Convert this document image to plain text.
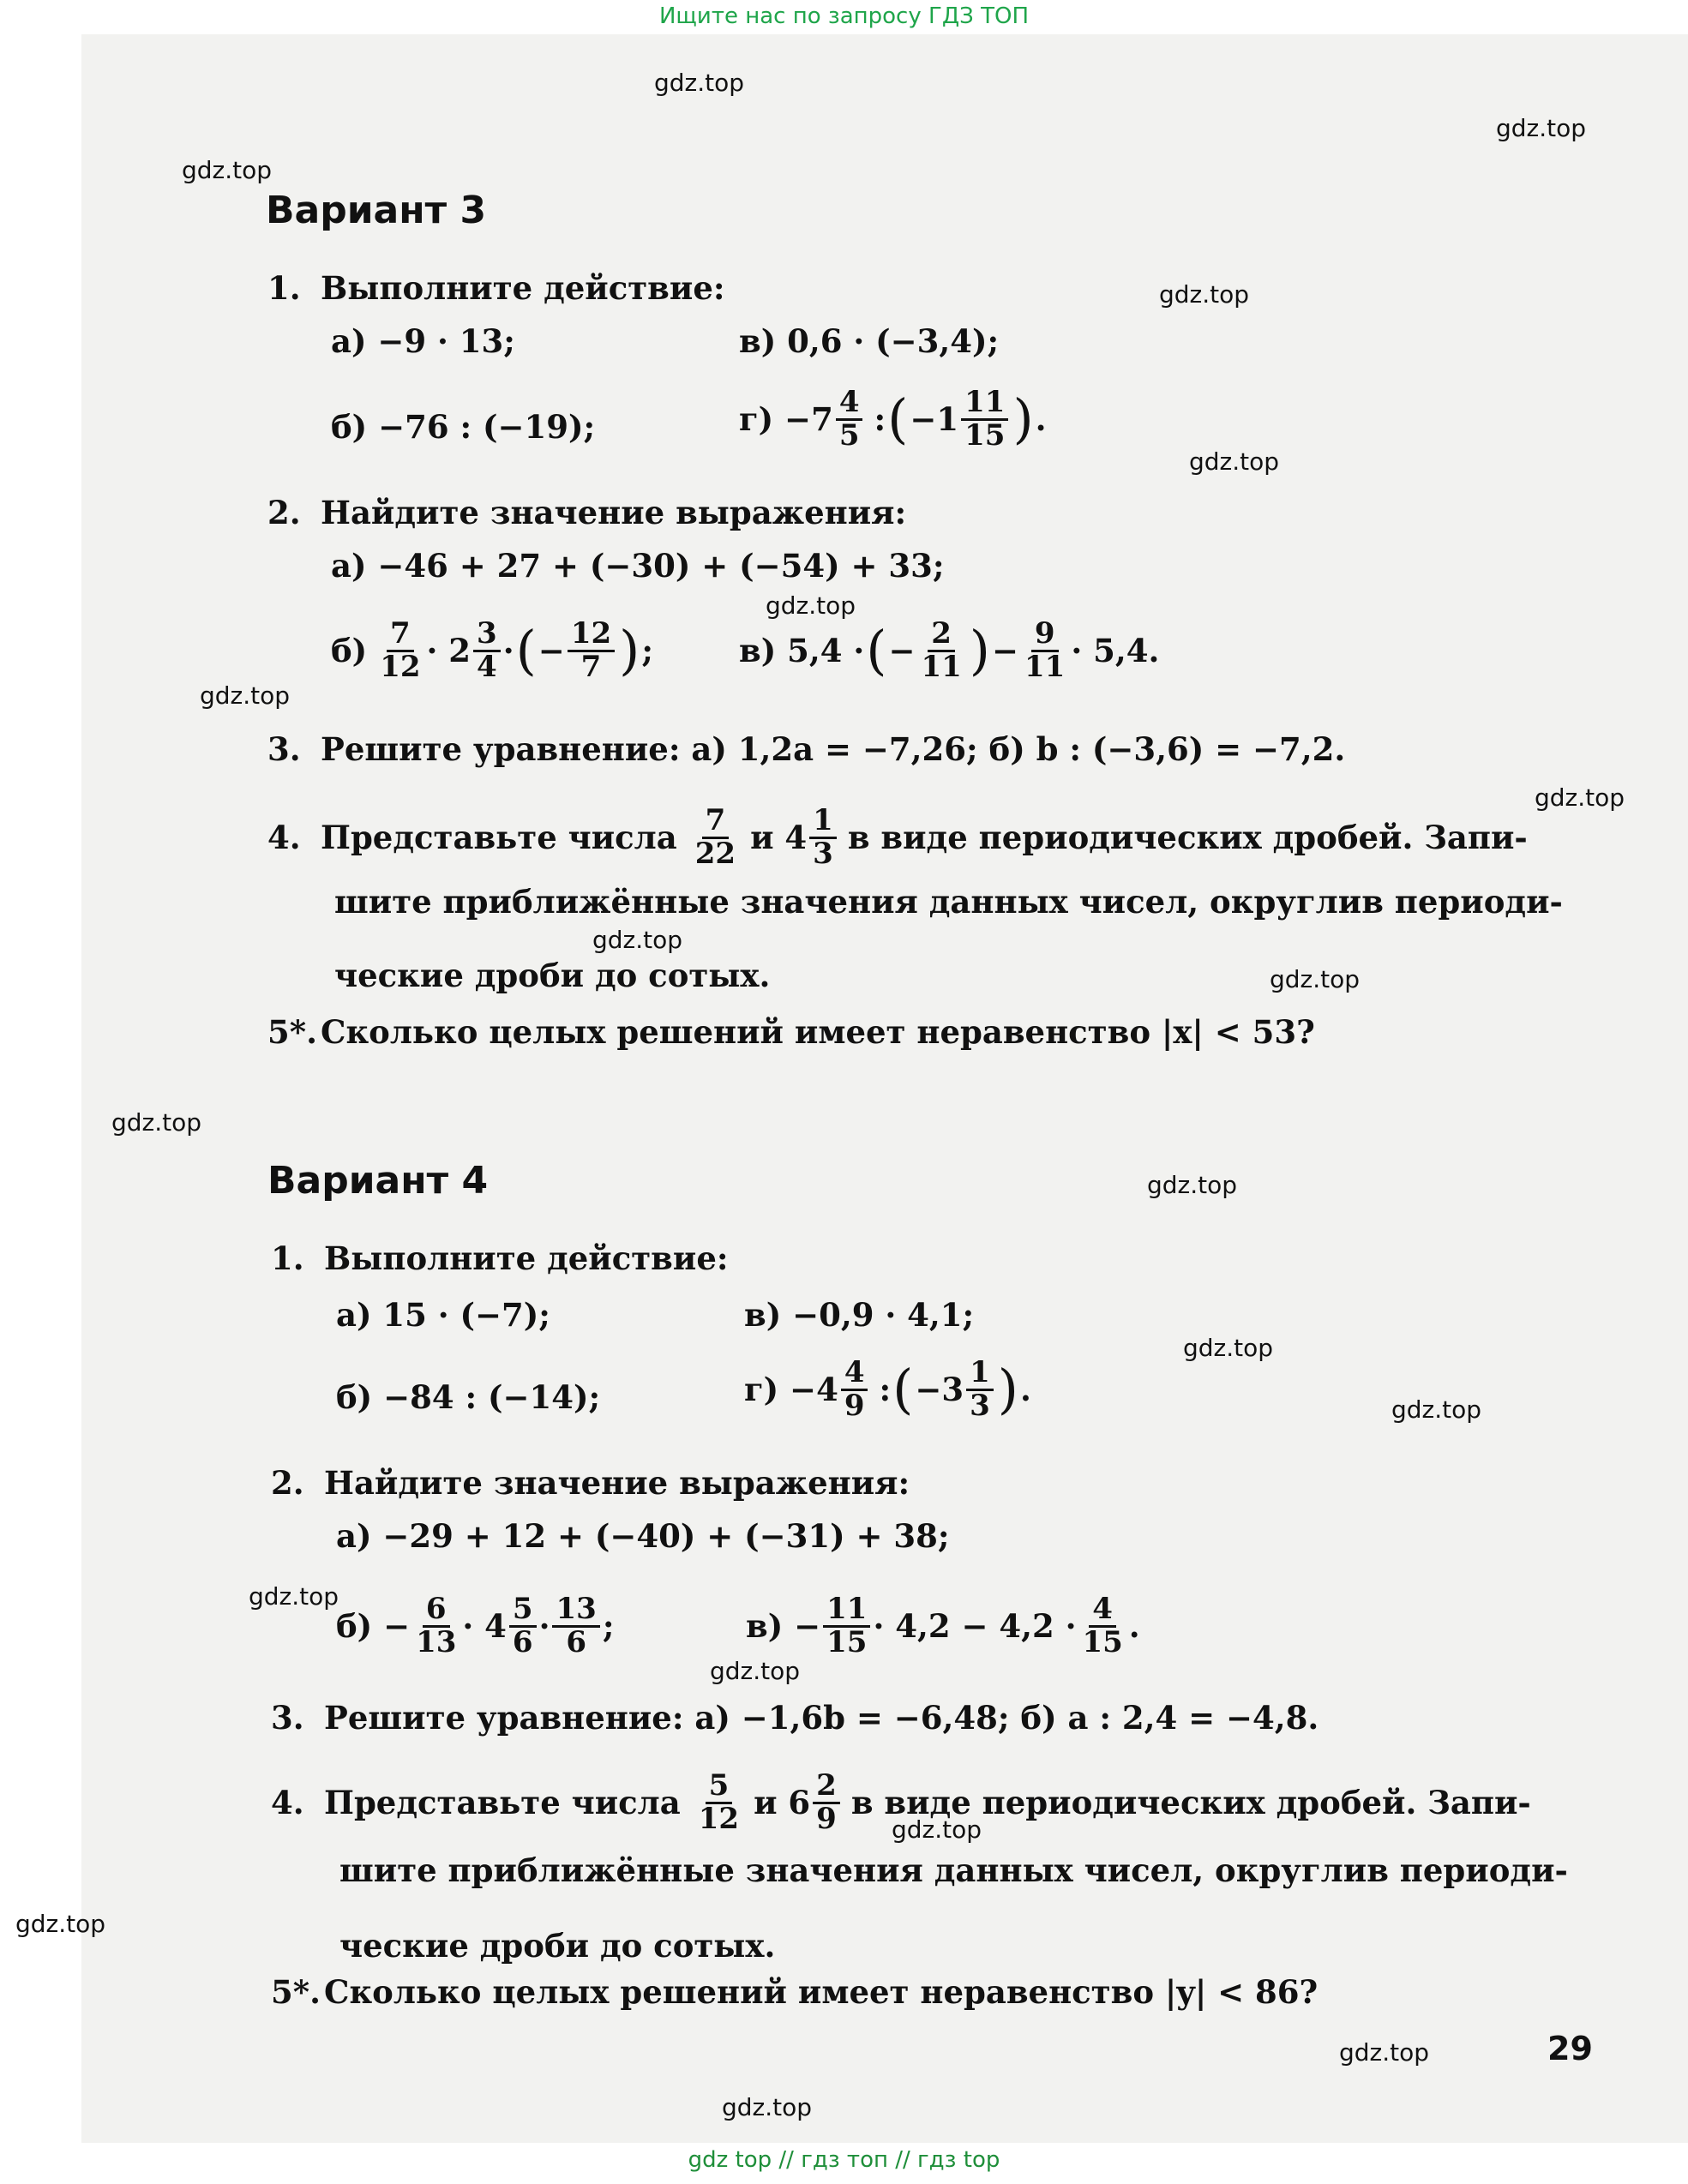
Ищите нас по запросу ГДЗ ТОП
gdz.top
gdz.top
gdz.top
gdz.top
gdz.top
gdz.top
gdz.top
gdz.top
gdz.top
gdz.top
gdz.top
gdz.top
gdz.top
gdz.top
gdz.top
gdz.top
gdz.top
gdz.top
gdz.top
gdz.top
Вариант 3
1. Выполните действие:
а) −9 · 13;	в) 0,6 · (−3,4);
б) −76 : (−19);	$г) -7 \frac{4}{5}$ : ( $-1 \frac{11}{15}$ ) .
2. Найдите значение выражения:
а) −46 + 27 + (−30) + (−54) + 33;
$б) \frac{7}{12} \cdot 2 \frac{3}{4}$ · ( − $\frac{12}{7}$ ) ;	в) 5,4 · ( − $\frac{2}{11}$ ) − $\frac{9}{11} \cdot 5,4$.
3. Решите уравнение: а) 1,2a = −7,26; б) b : (−3,6) = −7,2.
4. Представьте числа $\frac{7}{22}$ и $4 \frac{1}{3}$ в виде периодических дробей. Запи-
шите приближённые значения данных чисел, округлив периоди-
ческие дроби до сотых.
5*. Сколько целых решений имеет неравенство |x| < 53?
Вариант 4
1. Выполните действие:
а) 15 · (−7);	в) −0,9 · 4,1;
б) −84 : (−14);	$г) -4 \frac{4}{9}$ : ( $-3 \frac{1}{3}$ ) .
2. Найдите значение выражения:
а) −29 + 12 + (−40) + (−31) + 38;
$б) - \frac{6}{13} \cdot 4 \frac{5}{6} \cdot \frac{13}{6}$ ;	$в) - \frac{11}{15} \cdot 4,2 - 4,2 \cdot \frac{4}{15}$ .
3. Решите уравнение: а) −1,6b = −6,48; б) a : 2,4 = −4,8.
4. Представьте числа $\frac{5}{12}$ и $6 \frac{2}{9}$ в виде периодических дробей. Запи-
шите приближённые значения данных чисел, округлив периоди-
ческие дроби до сотых.
5*. Сколько целых решений имеет неравенство |y| < 86?
29
gdz top // гдз топ // гдз top
